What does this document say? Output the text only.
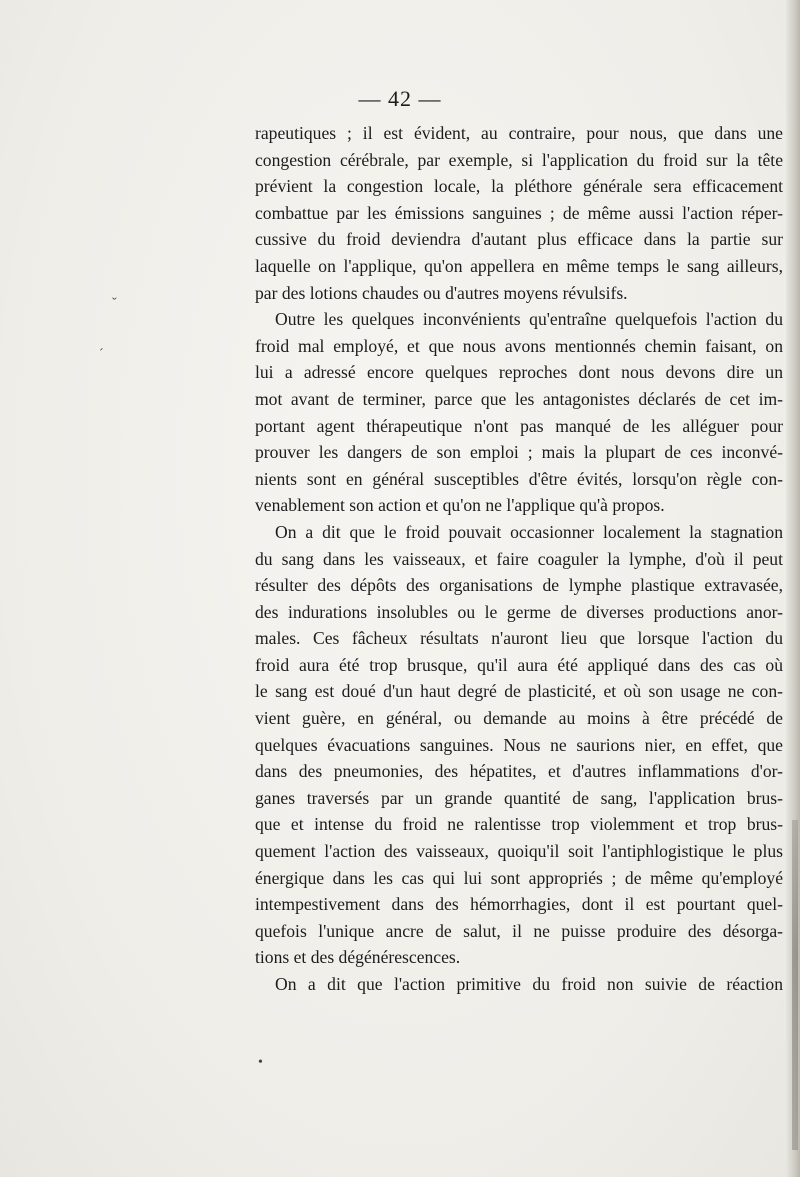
•
ˇ
ˊ
— 42 —
rapeutiques ; il est évident, au contraire, pour nous, que dans une
congestion cérébrale, par exemple, si l'application du froid sur la tête
prévient la congestion locale, la pléthore générale sera efficacement
combattue par les émissions sanguines ; de même aussi l'action réper-
cussive du froid deviendra d'autant plus efficace dans la partie sur
laquelle on l'applique, qu'on appellera en même temps le sang ailleurs,
par des lotions chaudes ou d'autres moyens révulsifs.
Outre les quelques inconvénients qu'entraîne quelquefois l'action du
froid mal employé, et que nous avons mentionnés chemin faisant, on
lui a adressé encore quelques reproches dont nous devons dire un
mot avant de terminer, parce que les antagonistes déclarés de cet im-
portant agent thérapeutique n'ont pas manqué de les alléguer pour
prouver les dangers de son emploi ; mais la plupart de ces inconvé-
nients sont en général susceptibles d'être évités, lorsqu'on règle con-
venablement son action et qu'on ne l'applique qu'à propos.
On a dit que le froid pouvait occasionner localement la stagnation
du sang dans les vaisseaux, et faire coaguler la lymphe, d'où il peut
résulter des dépôts des organisations de lymphe plastique extravasée,
des indurations insolubles ou le germe de diverses productions anor-
males. Ces fâcheux résultats n'auront lieu que lorsque l'action du
froid aura été trop brusque, qu'il aura été appliqué dans des cas où
le sang est doué d'un haut degré de plasticité, et où son usage ne con-
vient guère, en général, ou demande au moins à être précédé de
quelques évacuations sanguines. Nous ne saurions nier, en effet, que
dans des pneumonies, des hépatites, et d'autres inflammations d'or-
ganes traversés par un grande quantité de sang, l'application brus-
que et intense du froid ne ralentisse trop violemment et trop brus-
quement l'action des vaisseaux, quoiqu'il soit l'antiphlogistique le plus
énergique dans les cas qui lui sont appropriés ; de même qu'employé
intempestivement dans des hémorrhagies, dont il est pourtant quel-
quefois l'unique ancre de salut, il ne puisse produire des désorga-
tions et des dégénérescences.
On a dit que l'action primitive du froid non suivie de réaction
